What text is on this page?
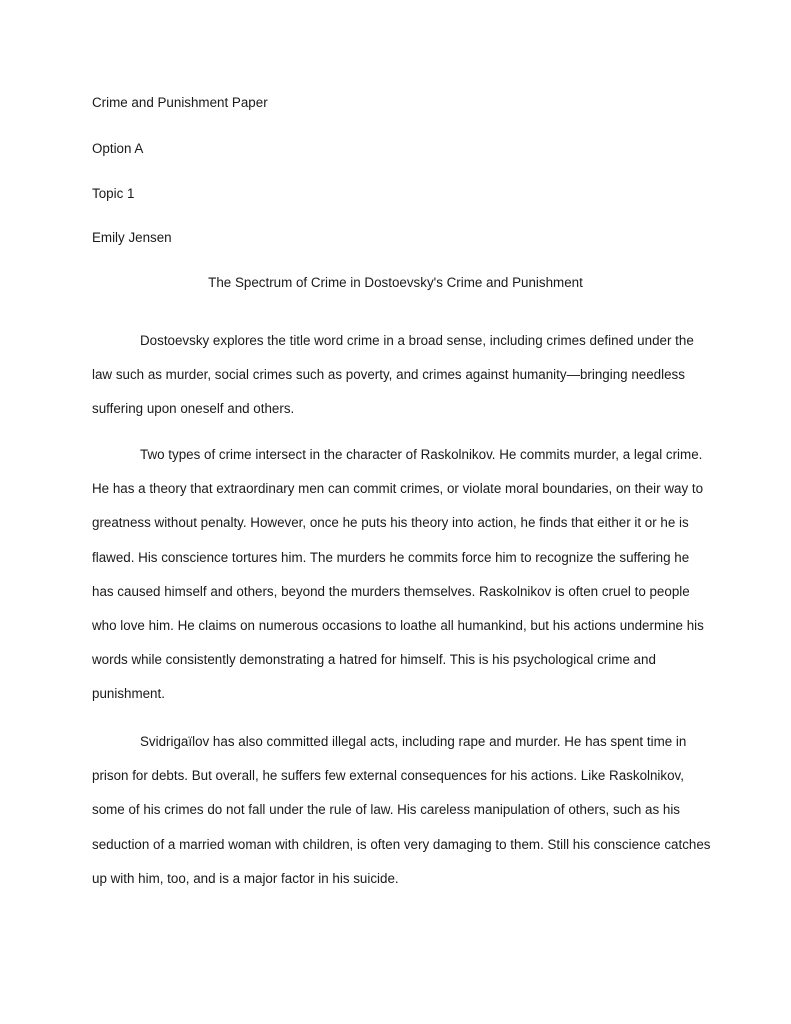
Crime and Punishment Paper
Option A
Topic 1
Emily Jensen
The Spectrum of Crime in Dostoevsky's Crime and Punishment
Dostoevsky explores the title word crime in a broad sense, including crimes defined under the
law such as murder, social crimes such as poverty, and crimes against humanity—bringing needless
suffering upon oneself and others.
Two types of crime intersect in the character of Raskolnikov. He commits murder, a legal crime.
He has a theory that extraordinary men can commit crimes, or violate moral boundaries, on their way to
greatness without penalty. However, once he puts his theory into action, he finds that either it or he is
flawed. His conscience tortures him. The murders he commits force him to recognize the suffering he
has caused himself and others, beyond the murders themselves. Raskolnikov is often cruel to people
who love him. He claims on numerous occasions to loathe all humankind, but his actions undermine his
words while consistently demonstrating a hatred for himself. This is his psychological crime and
punishment.
Svidrigaïlov has also committed illegal acts, including rape and murder. He has spent time in
prison for debts. But overall, he suffers few external consequences for his actions. Like Raskolnikov,
some of his crimes do not fall under the rule of law. His careless manipulation of others, such as his
seduction of a married woman with children, is often very damaging to them. Still his conscience catches
up with him, too, and is a major factor in his suicide.
